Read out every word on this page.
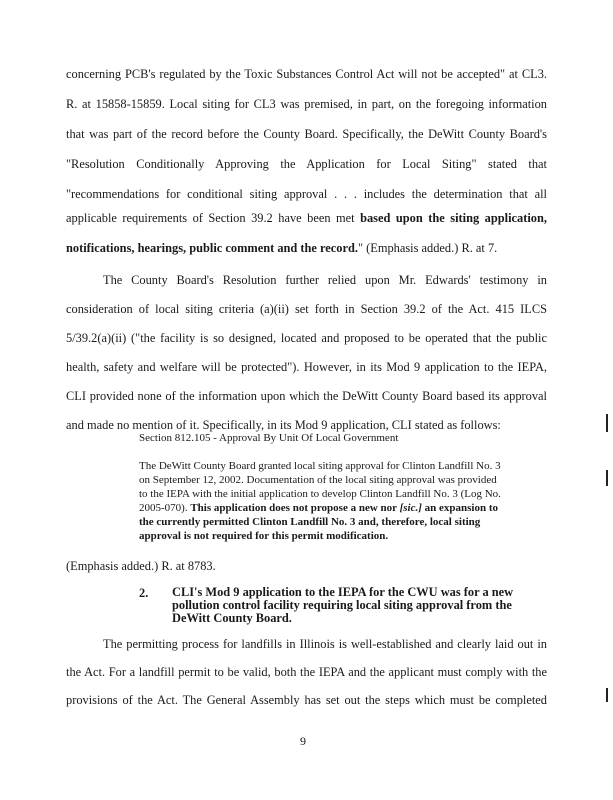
concerning PCB's regulated by the Toxic Substances Control Act will not be accepted" at CL3.
R. at 15858-15859. Local siting for CL3 was premised, in part, on the foregoing information
that was part of the record before the County Board. Specifically, the DeWitt County Board's
"Resolution Conditionally Approving the Application for Local Siting" stated that
"recommendations for conditional siting approval . . . includes the determination that all
applicable requirements of Section 39.2 have been met based upon the siting application,
notifications, hearings, public comment and the record." (Emphasis added.) R. at 7.
The County Board's Resolution further relied upon Mr. Edwards' testimony in
consideration of local siting criteria (a)(ii) set forth in Section 39.2 of the Act. 415 ILCS
5/39.2(a)(ii) ("the facility is so designed, located and proposed to be operated that the public
health, safety and welfare will be protected"). However, in its Mod 9 application to the IEPA,
CLI provided none of the information upon which the DeWitt County Board based its approval
and made no mention of it. Specifically, in its Mod 9 application, CLI stated as follows:
Section 812.105 - Approval By Unit Of Local Government
The DeWitt County Board granted local siting approval for Clinton Landfill No. 3
on September 12, 2002. Documentation of the local siting approval was provided
to the IEPA with the initial application to develop Clinton Landfill No. 3 (Log No.
2005-070). This application does not propose a new nor [sic.] an expansion to
the currently permitted Clinton Landfill No. 3 and, therefore, local siting
approval is not required for this permit modification.
(Emphasis added.) R. at 8783.
2. CLI's Mod 9 application to the IEPA for the CWU was for a new
pollution control facility requiring local siting approval from the
DeWitt County Board.
The permitting process for landfills in Illinois is well-established and clearly laid out in
the Act. For a landfill permit to be valid, both the IEPA and the applicant must comply with the
provisions of the Act. The General Assembly has set out the steps which must be completed
9
